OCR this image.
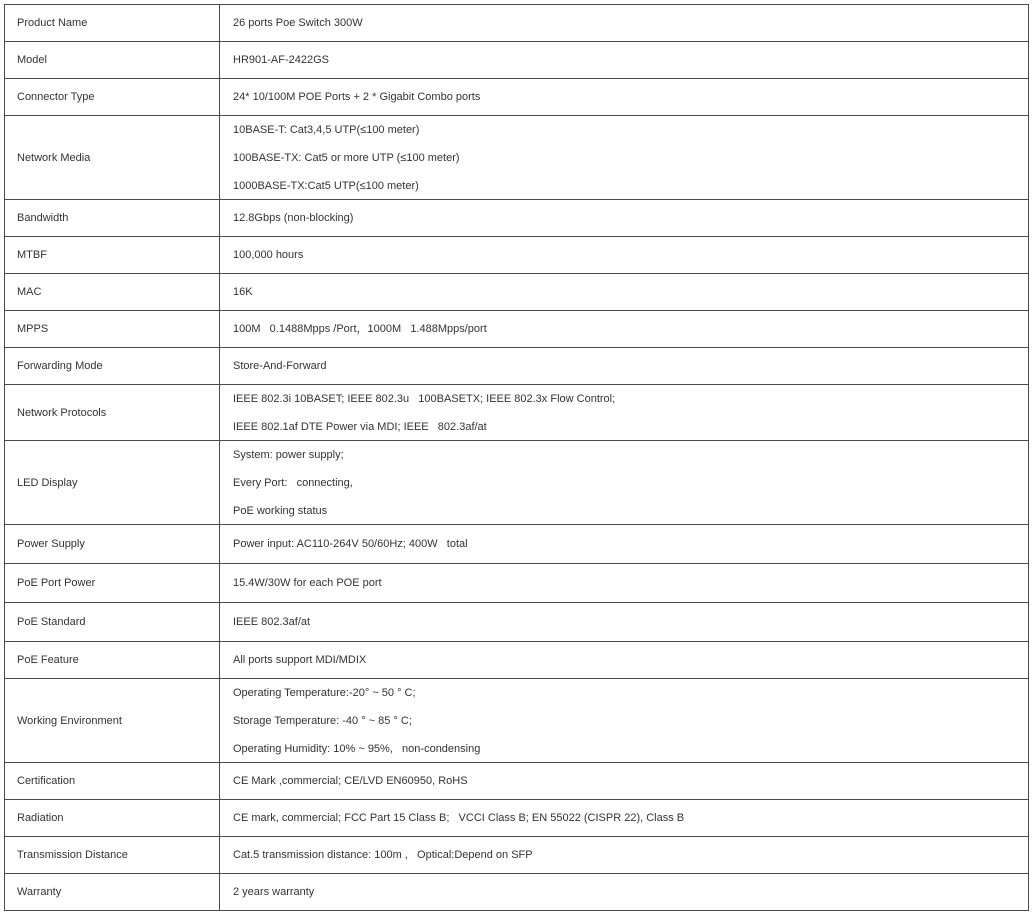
Product Name	26 ports Poe Switch 300W

Model	HR901-AF-2422GS

Connector Type	24* 10/100M POE Ports + 2 * Gigabit Combo ports

Network Media	10BASE-T: Cat3,4,5 UTP(≤100 meter)
100BASE-TX: Cat5 or more UTP (≤100 meter)
1000BASE-TX:Cat5 UTP(≤100 meter)

Bandwidth	12.8Gbps (non-blocking)

MTBF	100,000 hours

MAC	16K

MPPS	100M   0.1488Mpps /Port，1000M   1.488Mpps/port

Forwarding Mode	Store-And-Forward

Network Protocols	IEEE 802.3i 10BASET; IEEE 802.3u   100BASETX; IEEE 802.3x Flow Control;
IEEE 802.1af DTE Power via MDI; IEEE   802.3af/at

LED Display	System: power supply;
Every Port:   connecting,
PoE working status

Power Supply	Power input: AC110-264V 50/60Hz; 400W   total

PoE Port Power	15.4W/30W for each POE port

PoE Standard	IEEE 802.3af/at

PoE Feature	All ports support MDI/MDIX

Working Environment	Operating Temperature:-20° ~ 50 ° C;
Storage Temperature: -40 ° ~ 85 ° C;
Operating Humidity: 10% ~ 95%,   non-condensing

Certification	CE Mark ,commercial; CE/LVD EN60950, RoHS

Radiation	CE mark, commercial; FCC Part 15 Class B;   VCCI Class B; EN 55022 (CISPR 22), Class B

Transmission Distance	Cat.5 transmission distance: 100m ,   Optical:Depend on SFP

Warranty	2 years warranty
